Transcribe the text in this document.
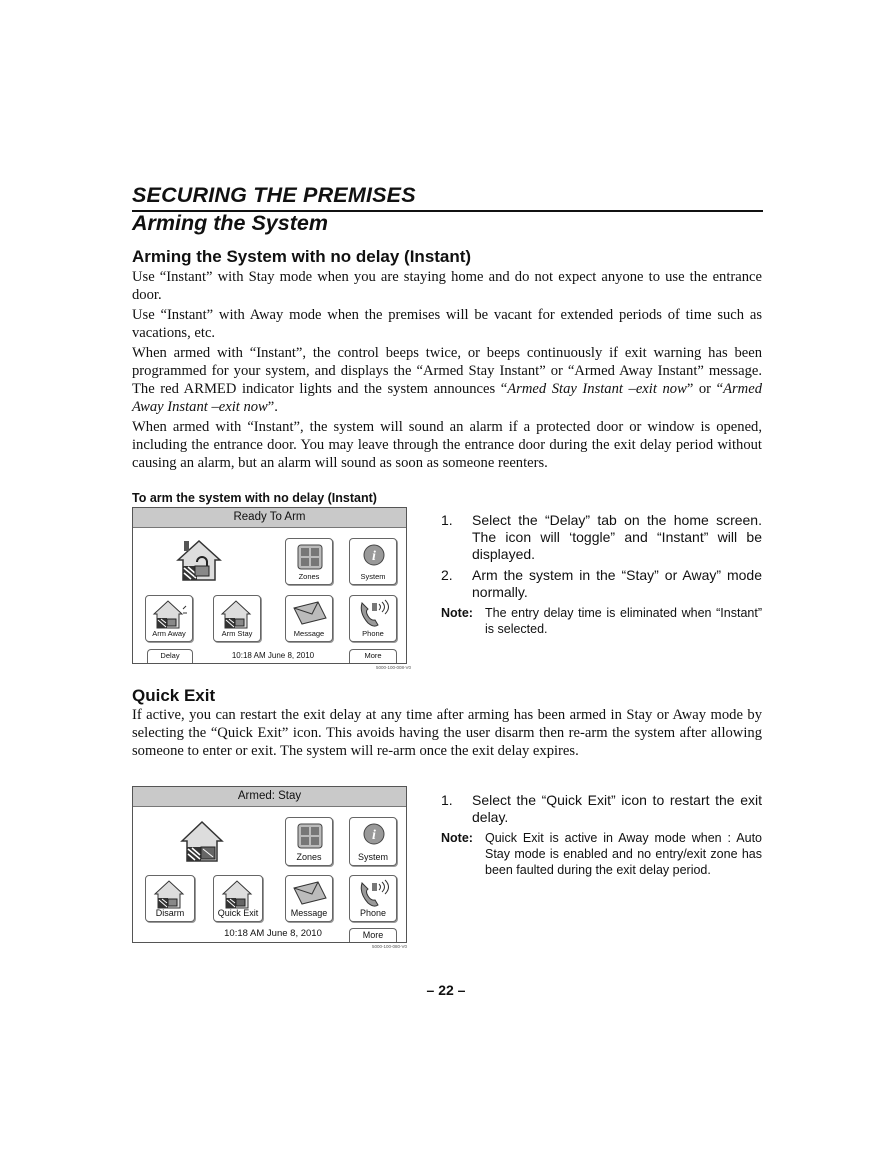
SECURING THE PREMISES
Arming the System
Arming the System with no delay (Instant)

Use “Instant” with Stay mode when you are staying home and do not expect anyone to use the entrance door.

Use “Instant” with Away mode when the premises will be vacant for extended periods of time such as vacations, etc.

When armed with “Instant”, the control beeps twice, or beeps continuously if exit warning has been programmed for your system, and displays the “Armed Stay Instant” or “Armed Away Instant” message. The red ARMED indicator lights and the system announces “Armed Stay Instant –exit now” or “Armed Away Instant –exit now”.

When armed with “Instant”, the system will sound an alarm if a protected door or window is opened, including the entrance door. You may leave through the entrance door during the exit delay period without causing an alarm, but an alarm will sound as soon as someone reenters.

To arm the system with no delay (Instant)
Ready To Arm
Zones
i
System
Arm Away	Arm Stay	Message	Phone
Delay	10:18 AM June 8, 2010	More
5000-100-008-V0
1.	Select the “Delay” tab on the home screen. The icon will ‘toggle” and “Instant” will be displayed.
2.	Arm the system in the “Stay” or Away” mode normally.
Note: The entry delay time is eliminated when “Instant” is selected.
Quick Exit

If active, you can restart the exit delay at any time after arming has been armed in Stay or Away mode by selecting the “Quick Exit” icon. This avoids having the user disarm then re-arm the system after allowing someone to enter or exit. The system will re-arm once the exit delay expires.

Armed: Stay
Zones
i
System
Disarm	Quick Exit	Message	Phone
10:18 AM June 8, 2010	More
5000-100-080-V0
1.	Select the “Quick Exit” icon to restart the exit delay.
Note: Quick Exit is active in Away mode when : Auto Stay mode is enabled and no entry/exit zone has been faulted during the exit delay period.
– 22 –
